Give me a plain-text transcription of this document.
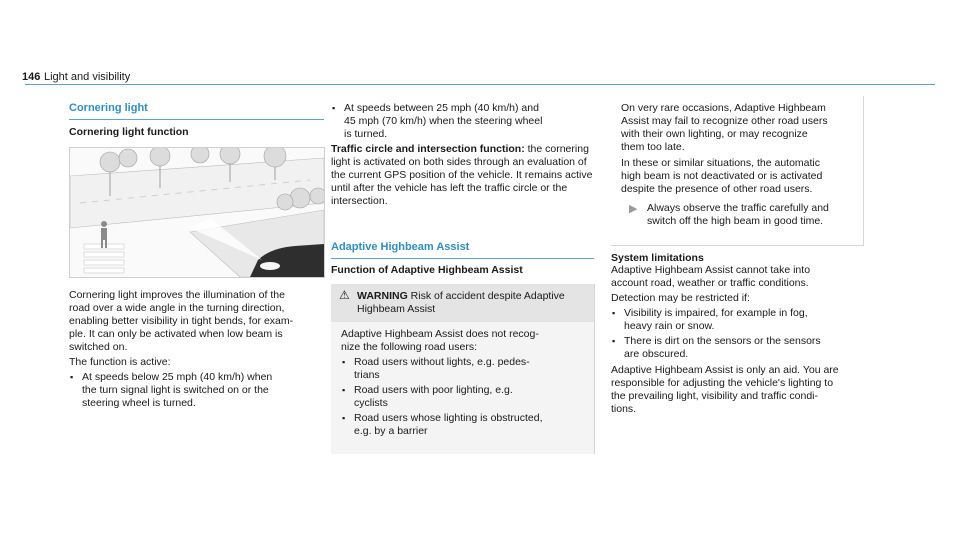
146 Light and visibility
Cornering light
Cornering light function

Cornering light improves the illumination of the
road over a wide angle in the turning direction,
enabling better visibility in tight bends, for exam-
ple. It can only be activated when low beam is
switched on.

The function is active:

▪ At speeds below 25 mph (40 km/h) when
the turn signal light is switched on or the
steering wheel is turned.

▪ At speeds between 25 mph (40 km/h) and
45 mph (70 km/h) when the steering wheel
is turned.

Traffic circle and intersection function: the cornering light is activated on both sides through an evaluation of the current GPS position of the vehicle. It remains active until after the vehicle has left the traffic circle or the intersection.

Adaptive Highbeam Assist
Function of Adaptive Highbeam Assist
⚠ WARNING Risk of accident despite Adaptive Highbeam Assist

Adaptive Highbeam Assist does not recog-
nize the following road users:

▪ Road users without lights, e.g. pedes-
trians

▪ Road users with poor lighting, e.g.
cyclists

▪ Road users whose lighting is obstructed,
e.g. by a barrier

On very rare occasions, Adaptive Highbeam
Assist may fail to recognize other road users
with their own lighting, or may recognize
them too late.

In these or similar situations, the automatic
high beam is not deactivated or is activated
despite the presence of other road users.

▶ Always observe the traffic carefully and
switch off the high beam in good time.

System limitations

Adaptive Highbeam Assist cannot take into
account road, weather or traffic conditions.

Detection may be restricted if:

▪ Visibility is impaired, for example in fog,
heavy rain or snow.

▪ There is dirt on the sensors or the sensors
are obscured.

Adaptive Highbeam Assist is only an aid. You are
responsible for adjusting the vehicle's lighting to
the prevailing light, visibility and traffic condi-
tions.
